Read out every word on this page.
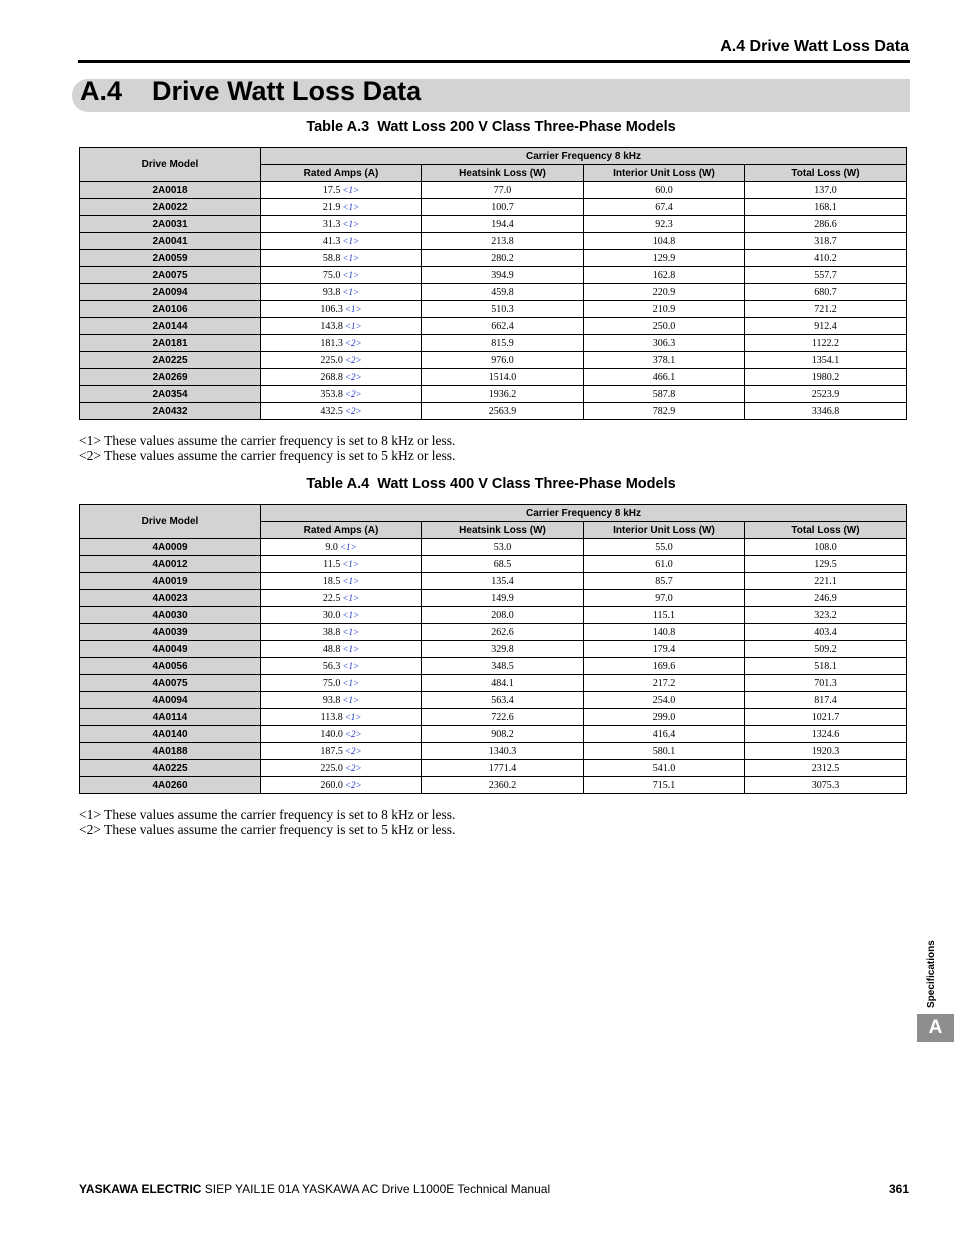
A.4 Drive Watt Loss Data
A.4    Drive Watt Loss Data
Table A.3  Watt Loss 200 V Class Three-Phase Models
Drive Model	Carrier Frequency 8 kHz			
	Rated Amps (A)	Heatsink Loss (W)	Interior Unit Loss (W)	Total Loss (W)
2A0018	17.5 <1>	77.0	60.0	137.0
2A0022	21.9 <1>	100.7	67.4	168.1
2A0031	31.3 <1>	194.4	92.3	286.6
2A0041	41.3 <1>	213.8	104.8	318.7
2A0059	58.8 <1>	280.2	129.9	410.2
2A0075	75.0 <1>	394.9	162.8	557.7
2A0094	93.8 <1>	459.8	220.9	680.7
2A0106	106.3 <1>	510.3	210.9	721.2
2A0144	143.8 <1>	662.4	250.0	912.4
2A0181	181.3 <2>	815.9	306.3	1122.2
2A0225	225.0 <2>	976.0	378.1	1354.1
2A0269	268.8 <2>	1514.0	466.1	1980.2
2A0354	353.8 <2>	1936.2	587.8	2523.9
2A0432	432.5 <2>	2563.9	782.9	3346.8
<1> These values assume the carrier frequency is set to 8 kHz or less.
<2> These values assume the carrier frequency is set to 5 kHz or less.
Table A.4  Watt Loss 400 V Class Three-Phase Models
Drive Model	Carrier Frequency 8 kHz			
	Rated Amps (A)	Heatsink Loss (W)	Interior Unit Loss (W)	Total Loss (W)
4A0009	9.0 <1>	53.0	55.0	108.0
4A0012	11.5 <1>	68.5	61.0	129.5
4A0019	18.5 <1>	135.4	85.7	221.1
4A0023	22.5 <1>	149.9	97.0	246.9
4A0030	30.0 <1>	208.0	115.1	323.2
4A0039	38.8 <1>	262.6	140.8	403.4
4A0049	48.8 <1>	329.8	179.4	509.2
4A0056	56.3 <1>	348.5	169.6	518.1
4A0075	75.0 <1>	484.1	217.2	701.3
4A0094	93.8 <1>	563.4	254.0	817.4
4A0114	113.8 <1>	722.6	299.0	1021.7
4A0140	140.0 <2>	908.2	416.4	1324.6
4A0188	187.5 <2>	1340.3	580.1	1920.3
4A0225	225.0 <2>	1771.4	541.0	2312.5
4A0260	260.0 <2>	2360.2	715.1	3075.3
<1> These values assume the carrier frequency is set to 8 kHz or less.
<2> These values assume the carrier frequency is set to 5 kHz or less.
Specifications
A
YASKAWA ELECTRIC SIEP YAIL1E 01A YASKAWA AC Drive L1000E Technical Manual	361
